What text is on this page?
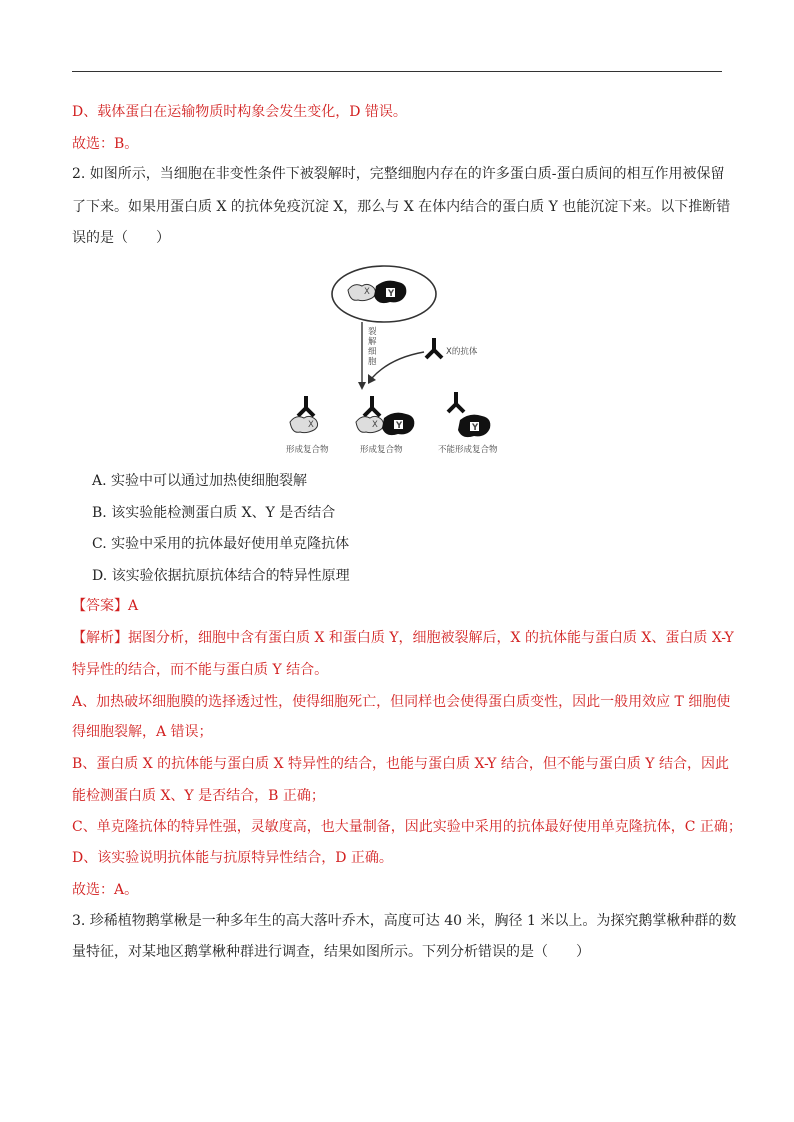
D、载体蛋白在运输物质时构象会发生变化，D 错误。
故选：B。
2. 如图所示，当细胞在非变性条件下被裂解时，完整细胞内存在的许多蛋白质-蛋白质间的相互作用被保留
了下来。如果用蛋白质 X 的抗体免疫沉淀 X，那么与 X 在体内结合的蛋白质 Y 也能沉淀下来。以下推断错
误的是（　　）
X Y
裂
解
细
胞
X的抗体
X	X Y	Y
形成复合物	形成复合物	不能形成复合物
A. 实验中可以通过加热使细胞裂解
B. 该实验能检测蛋白质 X、Y 是否结合
C. 实验中采用的抗体最好使用单克隆抗体
D. 该实验依据抗原抗体结合的特异性原理
【答案】A
【解析】据图分析，细胞中含有蛋白质 X 和蛋白质 Y，细胞被裂解后，X 的抗体能与蛋白质 X、蛋白质 X-Y
特异性的结合，而不能与蛋白质 Y 结合。
A、加热破坏细胞膜的选择透过性，使得细胞死亡，但同样也会使得蛋白质变性，因此一般用效应 T 细胞使
得细胞裂解，A 错误；
B、蛋白质 X 的抗体能与蛋白质 X 特异性的结合，也能与蛋白质 X-Y 结合，但不能与蛋白质 Y 结合，因此
能检测蛋白质 X、Y 是否结合，B 正确；
C、单克隆抗体的特异性强，灵敏度高，也大量制备，因此实验中采用的抗体最好使用单克隆抗体，C 正确；
D、该实验说明抗体能与抗原特异性结合，D 正确。
故选：A。
3. 珍稀植物鹅掌楸是一种多年生的高大落叶乔木，高度可达 40 米，胸径 1 米以上。为探究鹅掌楸种群的数
量特征，对某地区鹅掌楸种群进行调查，结果如图所示。下列分析错误的是（　　）
